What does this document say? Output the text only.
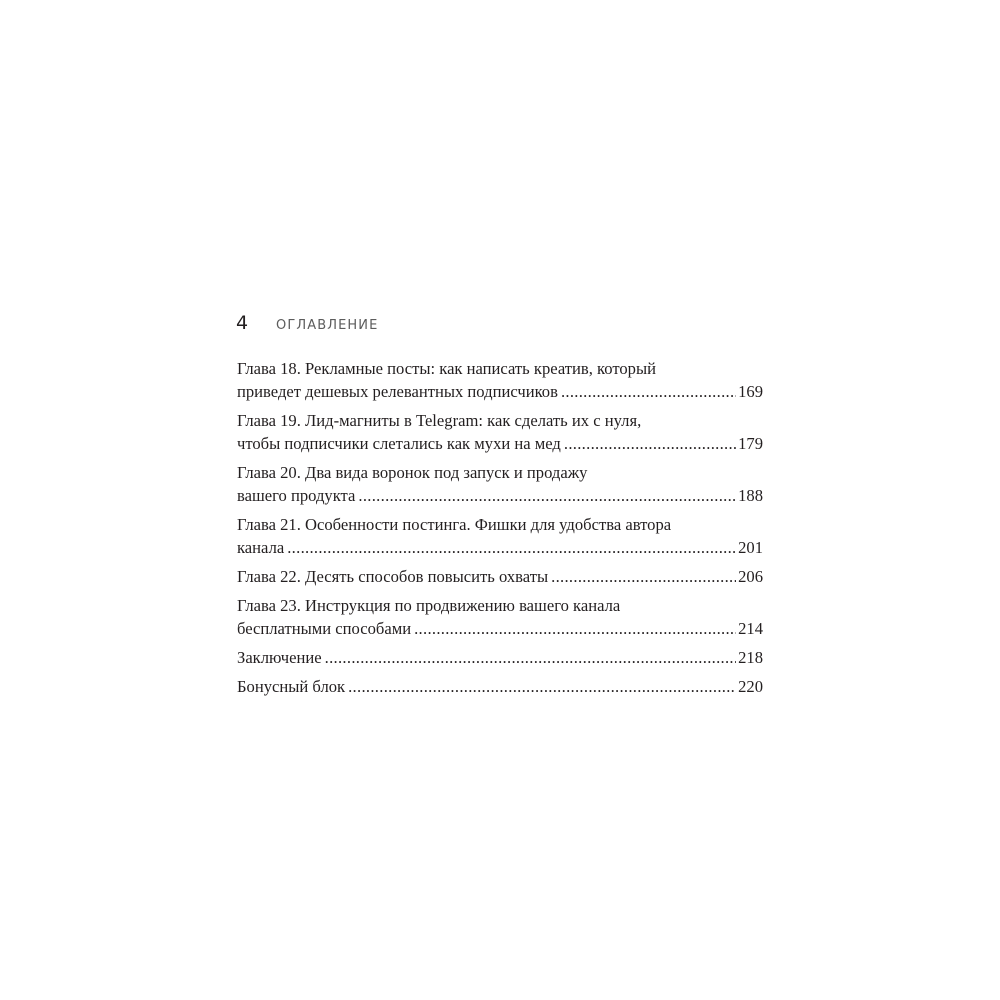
4	ОГЛАВЛЕНИЕ
Глава 18. Рекламные посты: как написать креатив, который
приведет дешевых релевантных подписчиков .....	169
Глава 19. Лид-магниты в Telegram: как сделать их с нуля,
чтобы подписчики слетались как мухи на мед .....	179
Глава 20. Два вида воронок под запуск и продажу
вашего продукта .....	188
Глава 21. Особенности постинга. Фишки для удобства автора
канала .....	201
Глава 22. Десять способов повысить охваты .....	206
Глава 23. Инструкция по продвижению вашего канала
бесплатными способами .....	214
Заключение .....	218
Бонусный блок .....	220
